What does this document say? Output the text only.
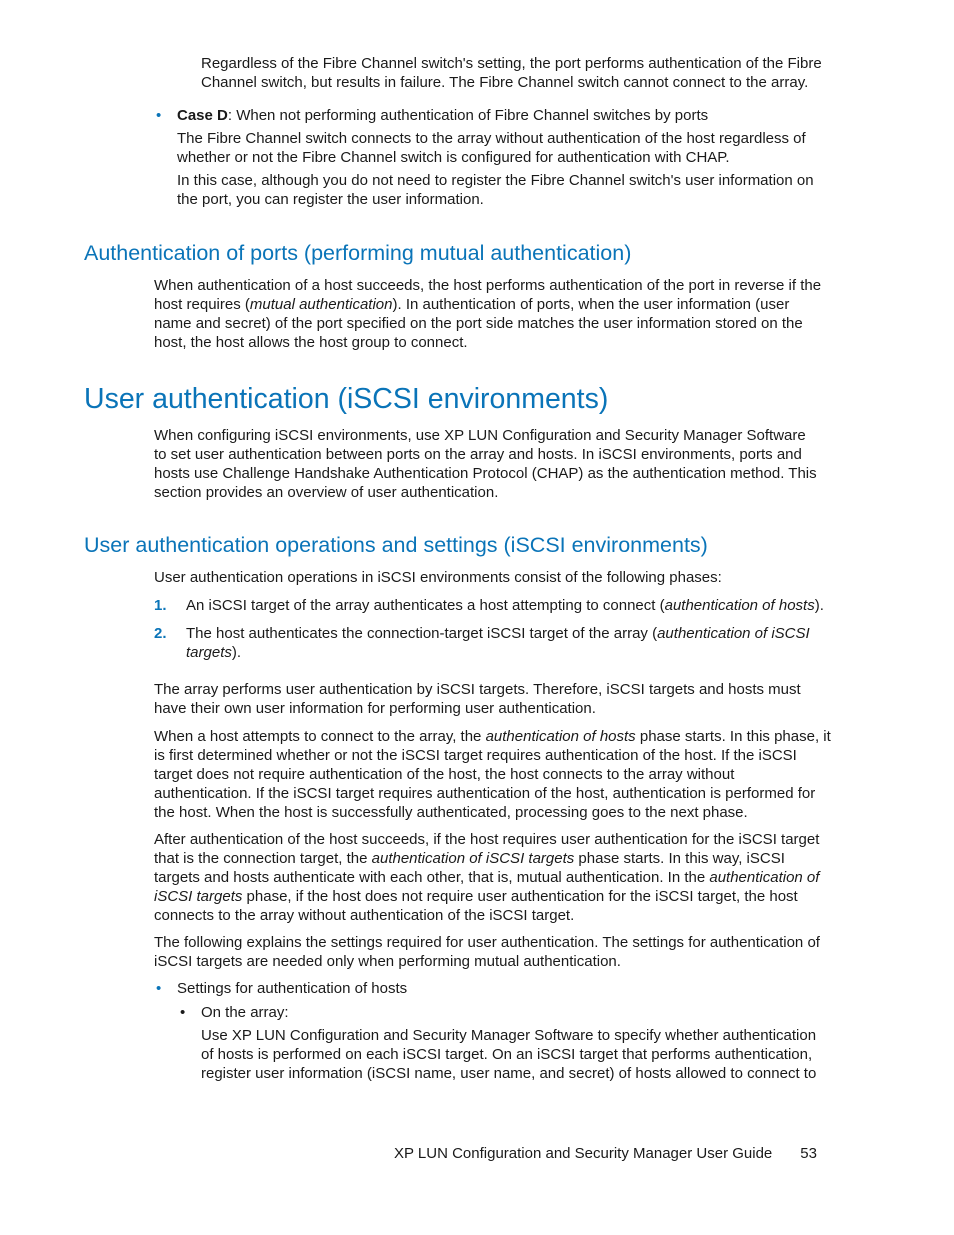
Regardless of the Fibre Channel switch's setting, the port performs authentication of the Fibre Channel switch, but results in failure. The Fibre Channel switch cannot connect to the array.

• Case D: When not performing authentication of Fibre Channel switches by ports

The Fibre Channel switch connects to the array without authentication of the host regardless of whether or not the Fibre Channel switch is configured for authentication with CHAP.

In this case, although you do not need to register the Fibre Channel switch's user information on the port, you can register the user information.

Authentication of ports (performing mutual authentication)

When authentication of a host succeeds, the host performs authentication of the port in reverse if the host requires (mutual authentication). In authentication of ports, when the user information (user name and secret) of the port specified on the port side matches the user information stored on the host, the host allows the host group to connect.

User authentication (iSCSI environments)

When configuring iSCSI environments, use XP LUN Configuration and Security Manager Software to set user authentication between ports on the array and hosts. In iSCSI environments, ports and hosts use Challenge Handshake Authentication Protocol (CHAP) as the authentication method. This section provides an overview of user authentication.

User authentication operations and settings (iSCSI environments)

User authentication operations in iSCSI environments consist of the following phases:

1. An iSCSI target of the array authenticates a host attempting to connect (authentication of hosts).

2. The host authenticates the connection-target iSCSI target of the array (authentication of iSCSI targets).

The array performs user authentication by iSCSI targets. Therefore, iSCSI targets and hosts must have their own user information for performing user authentication.

When a host attempts to connect to the array, the authentication of hosts phase starts. In this phase, it is first determined whether or not the iSCSI target requires authentication of the host. If the iSCSI target does not require authentication of the host, the host connects to the array without authentication. If the iSCSI target requires authentication of the host, authentication is performed for the host. When the host is successfully authenticated, processing goes to the next phase.

After authentication of the host succeeds, if the host requires user authentication for the iSCSI target that is the connection target, the authentication of iSCSI targets phase starts. In this way, iSCSI targets and hosts authenticate with each other, that is, mutual authentication. In the authentication of iSCSI targets phase, if the host does not require user authentication for the iSCSI target, the host connects to the array without authentication of the iSCSI target.

The following explains the settings required for user authentication. The settings for authentication of iSCSI targets are needed only when performing mutual authentication.

• Settings for authentication of hosts

• On the array:

Use XP LUN Configuration and Security Manager Software to specify whether authentication of hosts is performed on each iSCSI target. On an iSCSI target that performs authentication, register user information (iSCSI name, user name, and secret) of hosts allowed to connect to

XP LUN Configuration and Security Manager User Guide 53
